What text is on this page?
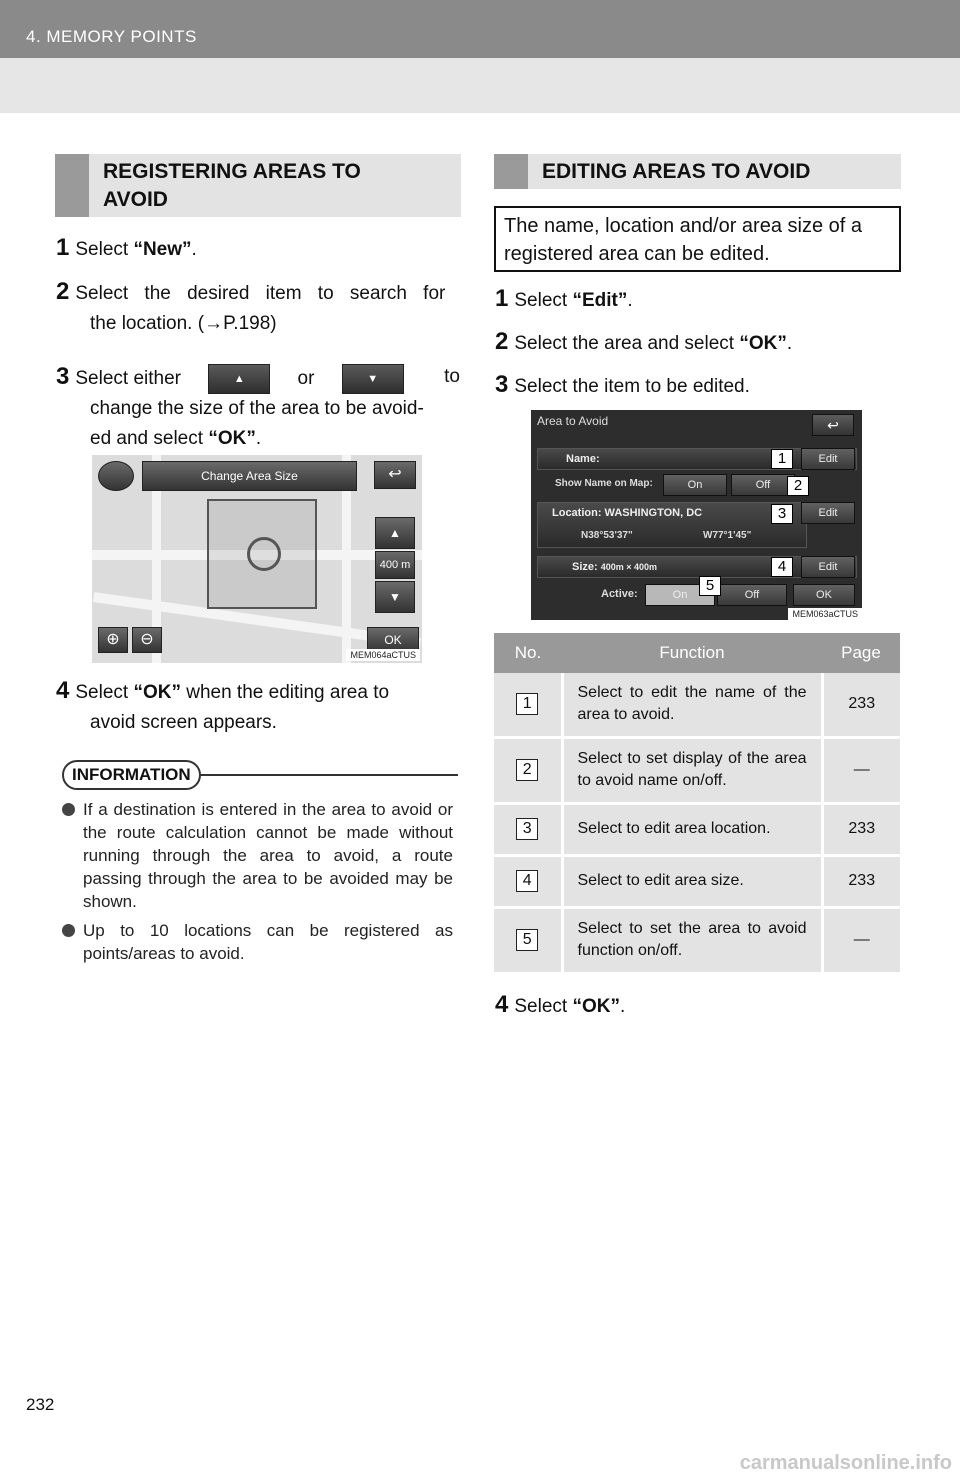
4. MEMORY POINTS
REGISTERING AREAS TO
AVOID
1 Select “New”.
2 Select the desired item to search for
the location. (→P.198)
3 Select either	▲	or	▼	to
change the size of the area to be avoid-
ed and select “OK”.
Change Area Size	↩
▲
400 m
▼
OK
⊕	⊖
MEM064aCTUS
4 Select “OK” when the editing area to
avoid screen appears.
INFORMATION
If a destination is entered in the area to avoid or the route calculation cannot be made without running through the area to avoid, a route passing through the area to be avoided may be shown.
Up to 10 locations can be registered as points/areas to avoid.
EDITING AREAS TO AVOID
The name, location and/or area size of a registered area can be edited.
1 Select “Edit”.
2 Select the area and select “OK”.
3 Select the item to be edited.
Area to Avoid	↩
Name:	Edit
1
Show Name on Map:	On	Off	2
Location: WASHINGTON, DC
N38°53'37"	W77°1'45"
Edit
3
Size: 400m × 400m	Edit
4
Active:	On	Off	OK
5
MEM063aCTUS
No.	Function	Page
1	Select to edit the name of the area to avoid.	233
2	Select to set display of the area to avoid name on/off.	—
3	Select to edit area location.	233
4	Select to edit area size.	233
5	Select to set the area to avoid function on/off.	—
4 Select “OK”.
232
carmanualsonline.info
